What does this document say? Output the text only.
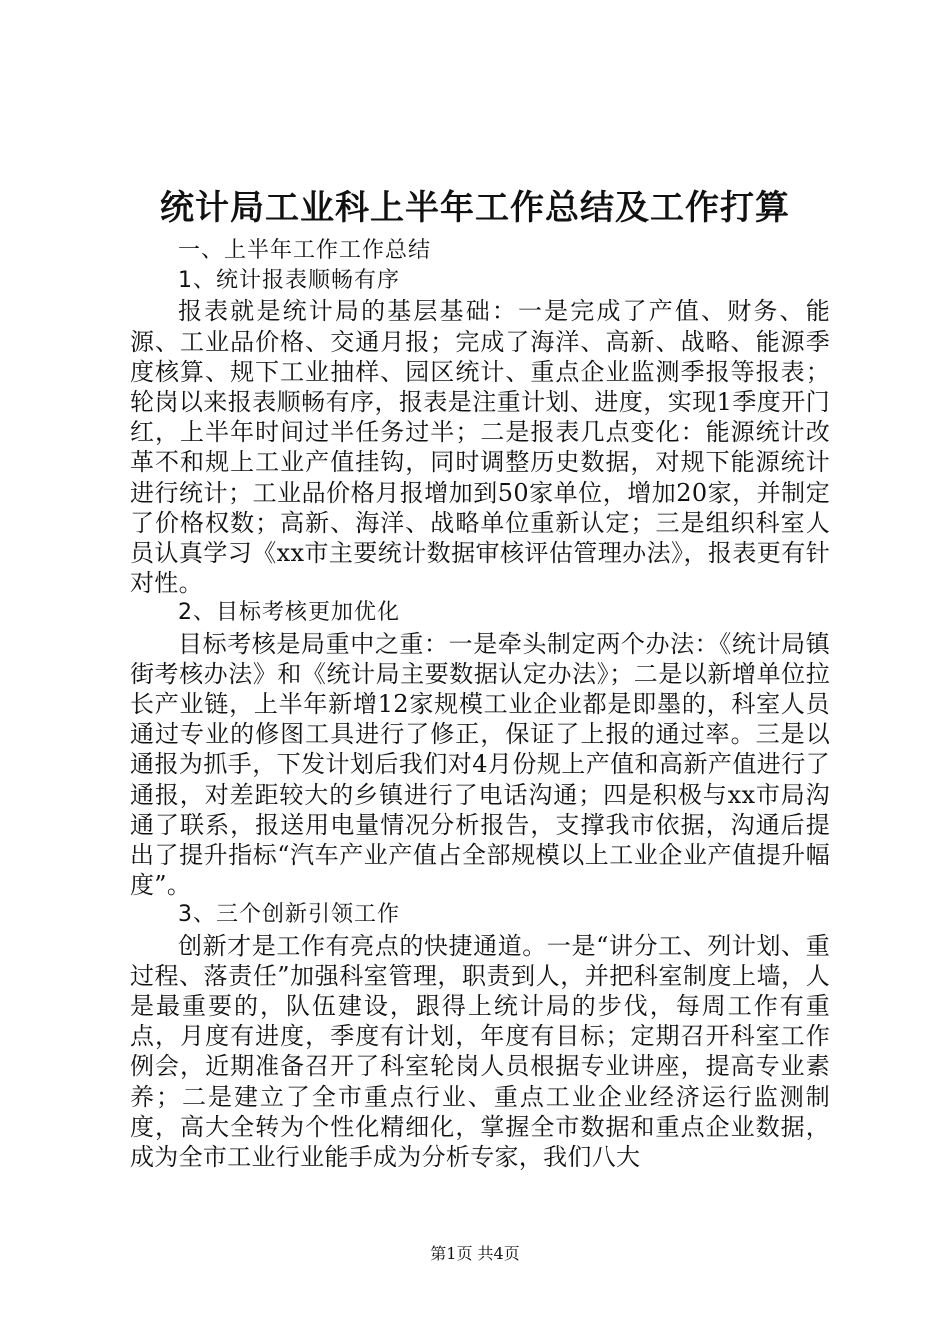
统计局工业科上半年工作总结及工作打算

一、上半年工作工作总结

1、统计报表顺畅有序

报表就是统计局的基层基础：一是完成了产值、财务、能源、工业品价格、交通月报；完成了海洋、高新、战略、能源季度核算、规下工业抽样、园区统计、重点企业监测季报等报表；轮岗以来报表顺畅有序，报表是注重计划、进度，实现1季度开门红，上半年时间过半任务过半；二是报表几点变化：能源统计改革不和规上工业产值挂钩，同时调整历史数据，对规下能源统计进行统计；工业品价格月报增加到50家单位，增加20家，并制定了价格权数；高新、海洋、战略单位重新认定；三是组织科室人员认真学习《xx市主要统计数据审核评估管理办法》，报表更有针对性。

2、目标考核更加优化

目标考核是局重中之重：一是牵头制定两个办法：《统计局镇街考核办法》和《统计局主要数据认定办法》；二是以新增单位拉长产业链，上半年新增12家规模工业企业都是即墨的，科室人员通过专业的修图工具进行了修正，保证了上报的通过率。三是以通报为抓手，下发计划后我们对4月份规上产值和高新产值进行了通报，对差距较大的乡镇进行了电话沟通；四是积极与xx市局沟通了联系，报送用电量情况分析报告，支撑我市依据，沟通后提出了提升指标“汽车产业产值占全部规模以上工业企业产值提升幅度”。

3、三个创新引领工作

创新才是工作有亮点的快捷通道。一是“讲分工、列计划、重过程、落责任”加强科室管理，职责到人，并把科室制度上墙，人是最重要的，队伍建设，跟得上统计局的步伐，每周工作有重点，月度有进度，季度有计划，年度有目标；定期召开科室工作例会，近期准备召开了科室轮岗人员根据专业讲座，提高专业素养；二是建立了全市重点行业、重点工业企业经济运行监测制度，高大全转为个性化精细化，掌握全市数据和重点企业数据，成为全市工业行业能手成为分析专家，我们八大

第1页 共4页
